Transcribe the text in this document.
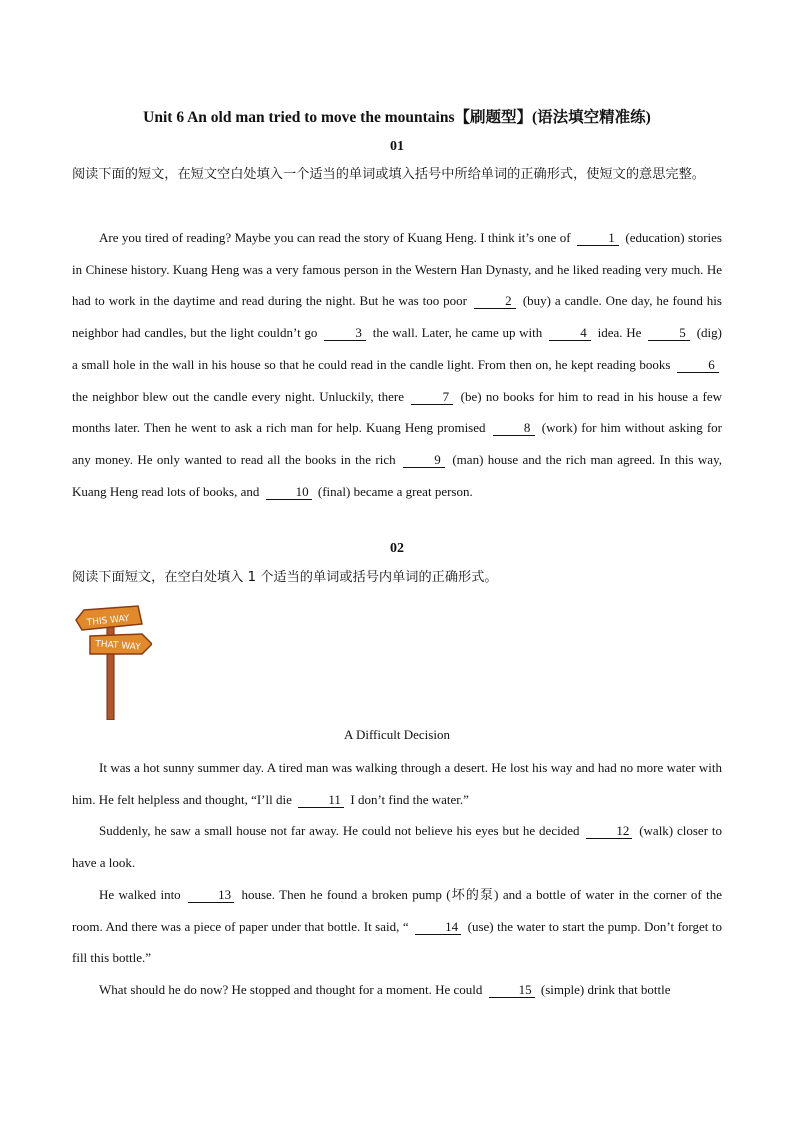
Unit 6 An old man tried to move the mountains【刷题型】(语法填空精准练)
01
阅读下面的短文，在短文空白处填入一个适当的单词或填入括号中所给单词的正确形式，使短文的意思完整。

Are you tired of reading? Maybe you can read the story of Kuang Heng. I think it’s one of	1 (education) stories in Chinese history. Kuang Heng was a very famous person in the Western Han Dynasty, and he liked reading very much. He had to work in the daytime and read during the night. But he was too poor	2 (buy) a candle. One day, he found his neighbor had candles, but the light couldn’t go	3 the wall. Later, he came up with	4 idea. He	5 (dig) a small hole in the wall in his house so that he could read in the candle light. From then on, he kept reading books	6 the neighbor blew out the candle every night. Unluckily, there	7 (be) no books for him to read in his house a few months later. Then he went to ask a rich man for help. Kuang Heng promised	8 (work) for him without asking for any money. He only wanted to read all the books in the rich	9 (man) house and the rich man agreed. In this way, Kuang Heng read lots of books, and	10 (final) became a great person.

02
阅读下面短文，在空白处填入 1 个适当的单词或括号内单词的正确形式。
THIS WAY
THAT WAY
A Difficult Decision

It was a hot sunny summer day. A tired man was walking through a desert. He lost his way and had no more water with him. He felt helpless and thought, “I’ll die	11 I don’t find the water.”

Suddenly, he saw a small house not far away. He could not believe his eyes but he decided	12 (walk) closer to have a look.

He walked into	13 house. Then he found a broken pump (坏的泵) and a bottle of water in the corner of the room. And there was a piece of paper under that bottle. It said, “	14 (use) the water to start the pump. Don’t forget to fill this bottle.”

What should he do now? He stopped and thought for a moment. He could	15 (simple) drink that bottle
